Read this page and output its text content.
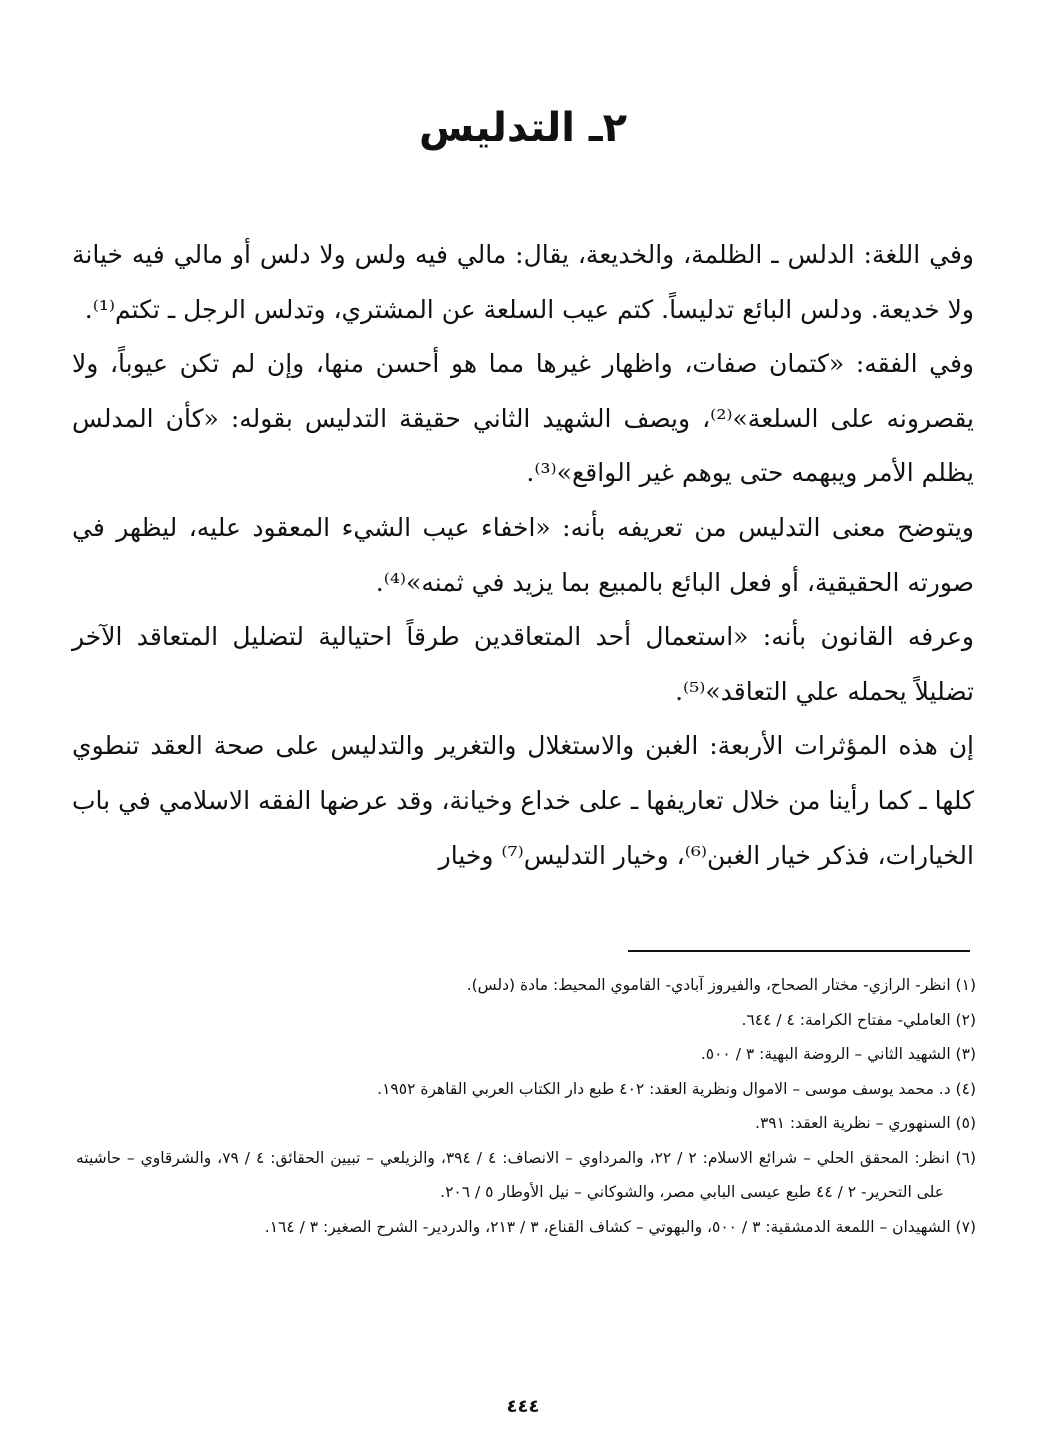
٢ـ التدليس

وفي اللغة: الدلس ـ الظلمة، والخديعة، يقال: مالي فيه ولس ولا دلس أو مالي فيه خيانة ولا خديعة. ودلس البائع تدليساً. كتم عيب السلعة عن المشتري، وتدلس الرجل ـ تكتم⁽¹⁾.

وفي الفقه: «كتمان صفات، واظهار غيرها مما هو أحسن منها، وإن لم تكن عيوباً، ولا يقصرونه على السلعة»⁽²⁾، ويصف الشهيد الثاني حقيقة التدليس بقوله: «كأن المدلس يظلم الأمر ويبهمه حتى يوهم غير الواقع»⁽³⁾.

ويتوضح معنى التدليس من تعريفه بأنه: «اخفاء عيب الشيء المعقود عليه، ليظهر في صورته الحقيقية، أو فعل البائع بالمبيع بما يزيد في ثمنه»⁽⁴⁾.

وعرفه القانون بأنه: «استعمال أحد المتعاقدين طرقاً احتيالية لتضليل المتعاقد الآخر تضليلاً يحمله علي التعاقد»⁽⁵⁾.

إن هذه المؤثرات الأربعة: الغبن والاستغلال والتغرير والتدليس على صحة العقد تنطوي كلها ـ كما رأينا من خلال تعاريفها ـ على خداع وخيانة، وقد عرضها الفقه الاسلامي في باب الخيارات، فذكر خيار الغبن⁽⁶⁾، وخيار التدليس⁽⁷⁾ وخيار

(١) انظر- الرازي- مختار الصحاح، والفيروز آبادي- القاموي المحيط: مادة (دلس).

(٢) العاملي- مفتاح الكرامة: ٤ / ٦٤٤.

(٣) الشهيد الثاني – الروضة البهية: ٣ / ٥٠٠.

(٤) د. محمد يوسف موسى – الاموال ونظرية العقد: ٤٠٢ طبع دار الكتاب العربي القاهرة ١٩٥٢.

(٥) السنهوري – نظرية العقد: ٣٩١.

(٦) انظر: المحقق الحلي – شرائع الاسلام: ٢ / ٢٢، والمرداوي – الانصاف: ٤ / ٣٩٤، والزيلعي – تبيين الحقائق: ٤ / ٧٩، والشرقاوي – حاشيته على التحرير- ٢ / ٤٤ طبع عيسى البابي مصر، والشوكاني – نيل الأوطار ٥ / ٢٠٦.

(٧) الشهيدان – اللمعة الدمشقية: ٣ / ٥٠٠، والبهوتي – كشاف القناع، ٣ / ٢١٣، والدردير- الشرح الصغير: ٣ / ١٦٤.

٤٤٤
